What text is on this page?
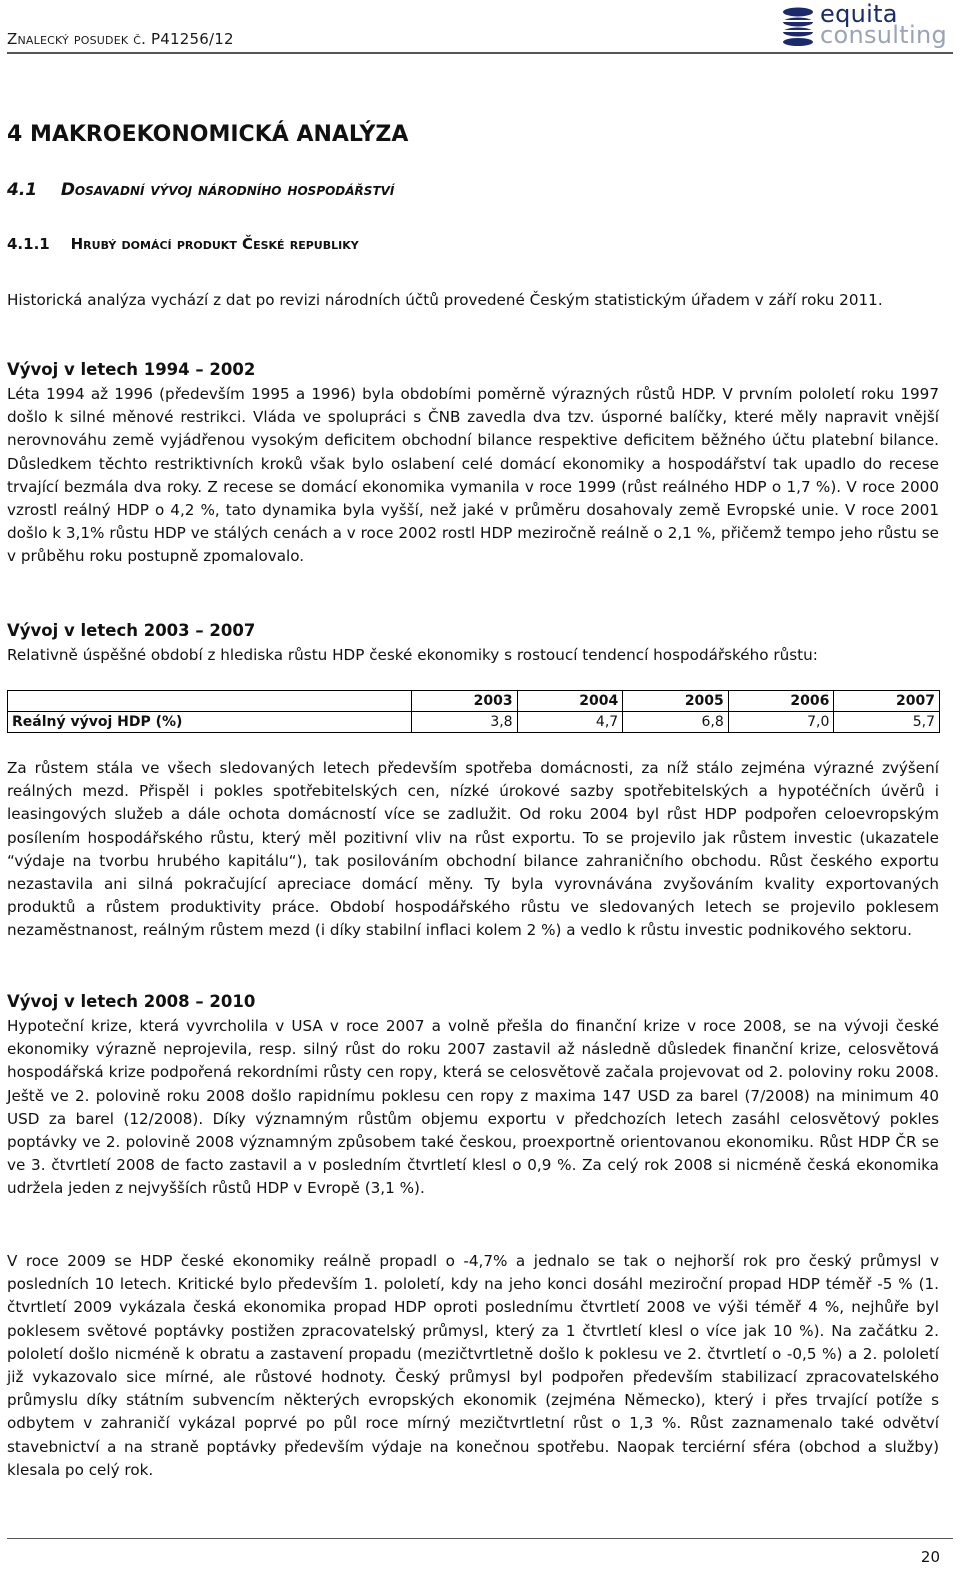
Znalecký posudek č. P41256/12
equita
consulting
4 MAKROEKONOMICKÁ ANALÝZA
4.1 Dosavadní vývoj národního hospodářství
4.1.1 Hrubý domácí produkt České republiky

Historická analýza vychází z dat po revizi národních účtů provedené Českým statistickým úřadem v září roku 2011.

Vývoj v letech 1994 – 2002

Léta 1994 až 1996 (především 1995 a 1996) byla obdobími poměrně výrazných růstů HDP. V prvním pololetí roku 1997 došlo k silné měnové restrikci. Vláda ve spolupráci s ČNB zavedla dva tzv. úsporné balíčky, které měly napravit vnější nerovnováhu země vyjádřenou vysokým deficitem obchodní bilance respektive deficitem běžného účtu platební bilance. Důsledkem těchto restriktivních kroků však bylo oslabení celé domácí ekonomiky a hospodářství tak upadlo do recese trvající bezmála dva roky. Z recese se domácí ekonomika vymanila v roce 1999 (růst reálného HDP o 1,7 %). V roce 2000 vzrostl reálný HDP o 4,2 %, tato dynamika byla vyšší, než jaké v průměru dosahovaly země Evropské unie. V roce 2001 došlo k 3,1% růstu HDP ve stálých cenách a v roce 2002 rostl HDP meziročně reálně o 2,1 %, přičemž tempo jeho růstu se v průběhu roku postupně zpomalovalo.

Vývoj v letech 2003 – 2007

Relativně úspěšné období z hlediska růstu HDP české ekonomiky s rostoucí tendencí hospodářského růstu:

	2003	2004	2005	2006	2007
Reálný vývoj HDP (%)	3,8	4,7	6,8	7,0	5,7

Za růstem stála ve všech sledovaných letech především spotřeba domácnosti, za níž stálo zejména výrazné zvýšení reálných mezd. Přispěl i pokles spotřebitelských cen, nízké úrokové sazby spotřebitelských a hypotéčních úvěrů i leasingových služeb a dále ochota domácností více se zadlužit. Od roku 2004 byl růst HDP podpořen celoevropským posílením hospodářského růstu, který měl pozitivní vliv na růst exportu. To se projevilo jak růstem investic (ukazatele “výdaje na tvorbu hrubého kapitálu“), tak posilováním obchodní bilance zahraničního obchodu. Růst českého exportu nezastavila ani silná pokračující apreciace domácí měny. Ty byla vyrovnávána zvyšováním kvality exportovaných produktů a růstem produktivity práce. Období hospodářského růstu ve sledovaných letech se projevilo poklesem nezaměstnanost, reálným růstem mezd (i díky stabilní inflaci kolem 2 %) a vedlo k růstu investic podnikového sektoru.

Vývoj v letech 2008 – 2010

Hypoteční krize, která vyvrcholila v USA v roce 2007 a volně přešla do finanční krize v roce 2008, se na vývoji české ekonomiky výrazně neprojevila, resp. silný růst do roku 2007 zastavil až následně důsledek finanční krize, celosvětová hospodářská krize podpořená rekordními růsty cen ropy, která se celosvětově začala projevovat od 2. poloviny roku 2008. Ještě ve 2. polovině roku 2008 došlo rapidnímu poklesu cen ropy z maxima 147 USD za barel (7/2008) na minimum 40 USD za barel (12/2008). Díky významným růstům objemu exportu v předchozích letech zasáhl celosvětový pokles poptávky ve 2. polovině 2008 významným způsobem také českou, proexportně orientovanou ekonomiku. Růst HDP ČR se ve 3. čtvrtletí 2008 de facto zastavil a v posledním čtvrtletí klesl o 0,9 %. Za celý rok 2008 si nicméně česká ekonomika udržela jeden z nejvyšších růstů HDP v Evropě (3,1 %).

V roce 2009 se HDP české ekonomiky reálně propadl o -4,7% a jednalo se tak o nejhorší rok pro český průmysl v posledních 10 letech. Kritické bylo především 1. pololetí, kdy na jeho konci dosáhl meziroční propad HDP téměř -5 % (1. čtvrtletí 2009 vykázala česká ekonomika propad HDP oproti poslednímu čtvrtletí 2008 ve výši téměř 4 %, nejhůře byl poklesem světové poptávky postižen zpracovatelský průmysl, který za 1 čtvrtletí klesl o více jak 10 %). Na začátku 2. pololetí došlo nicméně k obratu a zastavení propadu (mezičtvrtletně došlo k poklesu ve 2. čtvrtletí o -0,5 %) a 2. pololetí již vykazovalo sice mírné, ale růstové hodnoty. Český průmysl byl podpořen především stabilizací zpracovatelského průmyslu díky státním subvencím některých evropských ekonomik (zejména Německo), který i přes trvající potíže s odbytem v zahraničí vykázal poprvé po půl roce mírný mezičtvrtletní růst o 1,3 %. Růst zaznamenalo také odvětví stavebnictví a na straně poptávky především výdaje na konečnou spotřebu. Naopak terciérní sféra (obchod a služby) klesala po celý rok.

20
